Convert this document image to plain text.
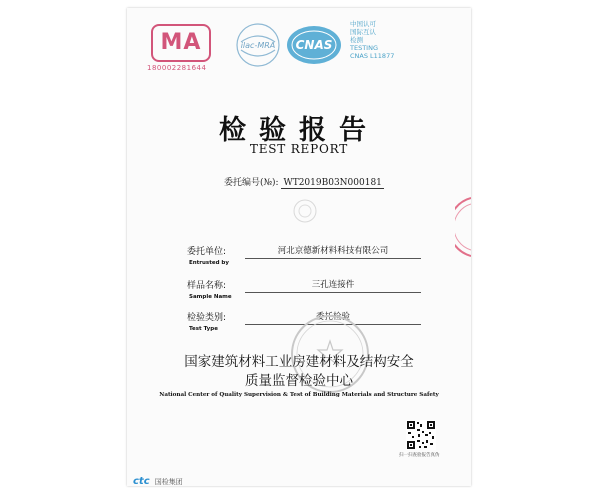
MA
180002281644
ilac-MRA CNAS
中国认可
国际互认
检测
TESTING
CNAS L11877
检验报告
TEST REPORT
委托编号(№): WT2019B03N000181
委托单位:
Entrusted by
河北京德新材料科技有限公司
样品名称:
Sample Name
三孔连接件
检验类别:
Test Type
委托检验
国家建筑材料工业房建材料及结构安全
质量监督检验中心
National Center of Quality Supervision & Test of Building Materials and Structure Safety
扫一扫查验报告真伪
ctc 国检集团
